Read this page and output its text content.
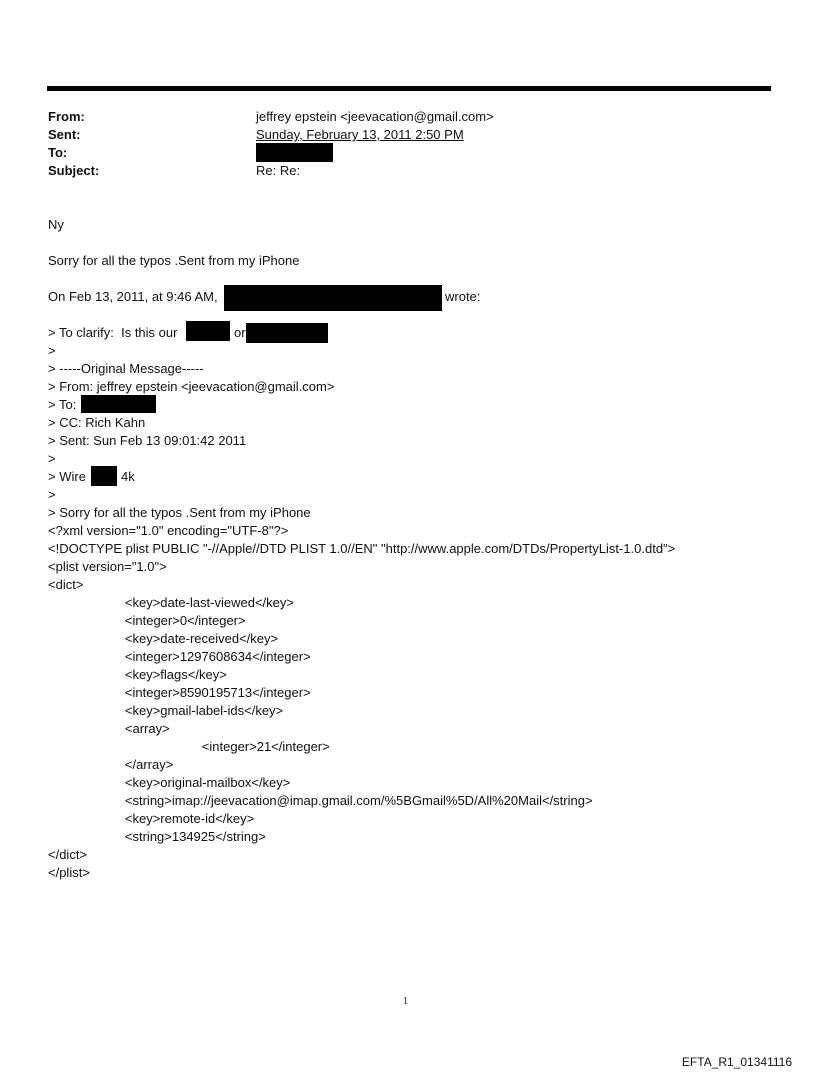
From:	jeffrey epstein <jeevacation@gmail.com>
Sent:	Sunday, February 13, 2011 2:50 PM
To:
Subject:	Re: Re:
Ny
Sorry for all the typos .Sent from my iPhone
On Feb 13, 2011, at 9:46 AM,	wrote:
> To clarify:  Is this our	or
>
> -----Original Message-----
> From: jeffrey epstein <jeevacation@gmail.com>
> To:
> CC: Rich Kahn
> Sent: Sun Feb 13 09:01:42 2011
>
> Wire	4k
>
> Sorry for all the typos .Sent from my iPhone
<?xml version="1.0" encoding="UTF-8"?>
<!DOCTYPE plist PUBLIC "-//Apple//DTD PLIST 1.0//EN" "http://www.apple.com/DTDs/PropertyList-1.0.dtd">
<plist version="1.0">
<dict>
<key>date-last-viewed</key>
<integer>0</integer>
<key>date-received</key>
<integer>1297608634</integer>
<key>flags</key>
<integer>8590195713</integer>
<key>gmail-label-ids</key>
<array>
<integer>21</integer>
</array>
<key>original-mailbox</key>
<string>imap://jeevacation@imap.gmail.com/%5BGmail%5D/All%20Mail</string>
<key>remote-id</key>
<string>134925</string>
</dict>
</plist>
1
EFTA_R1_01341116
